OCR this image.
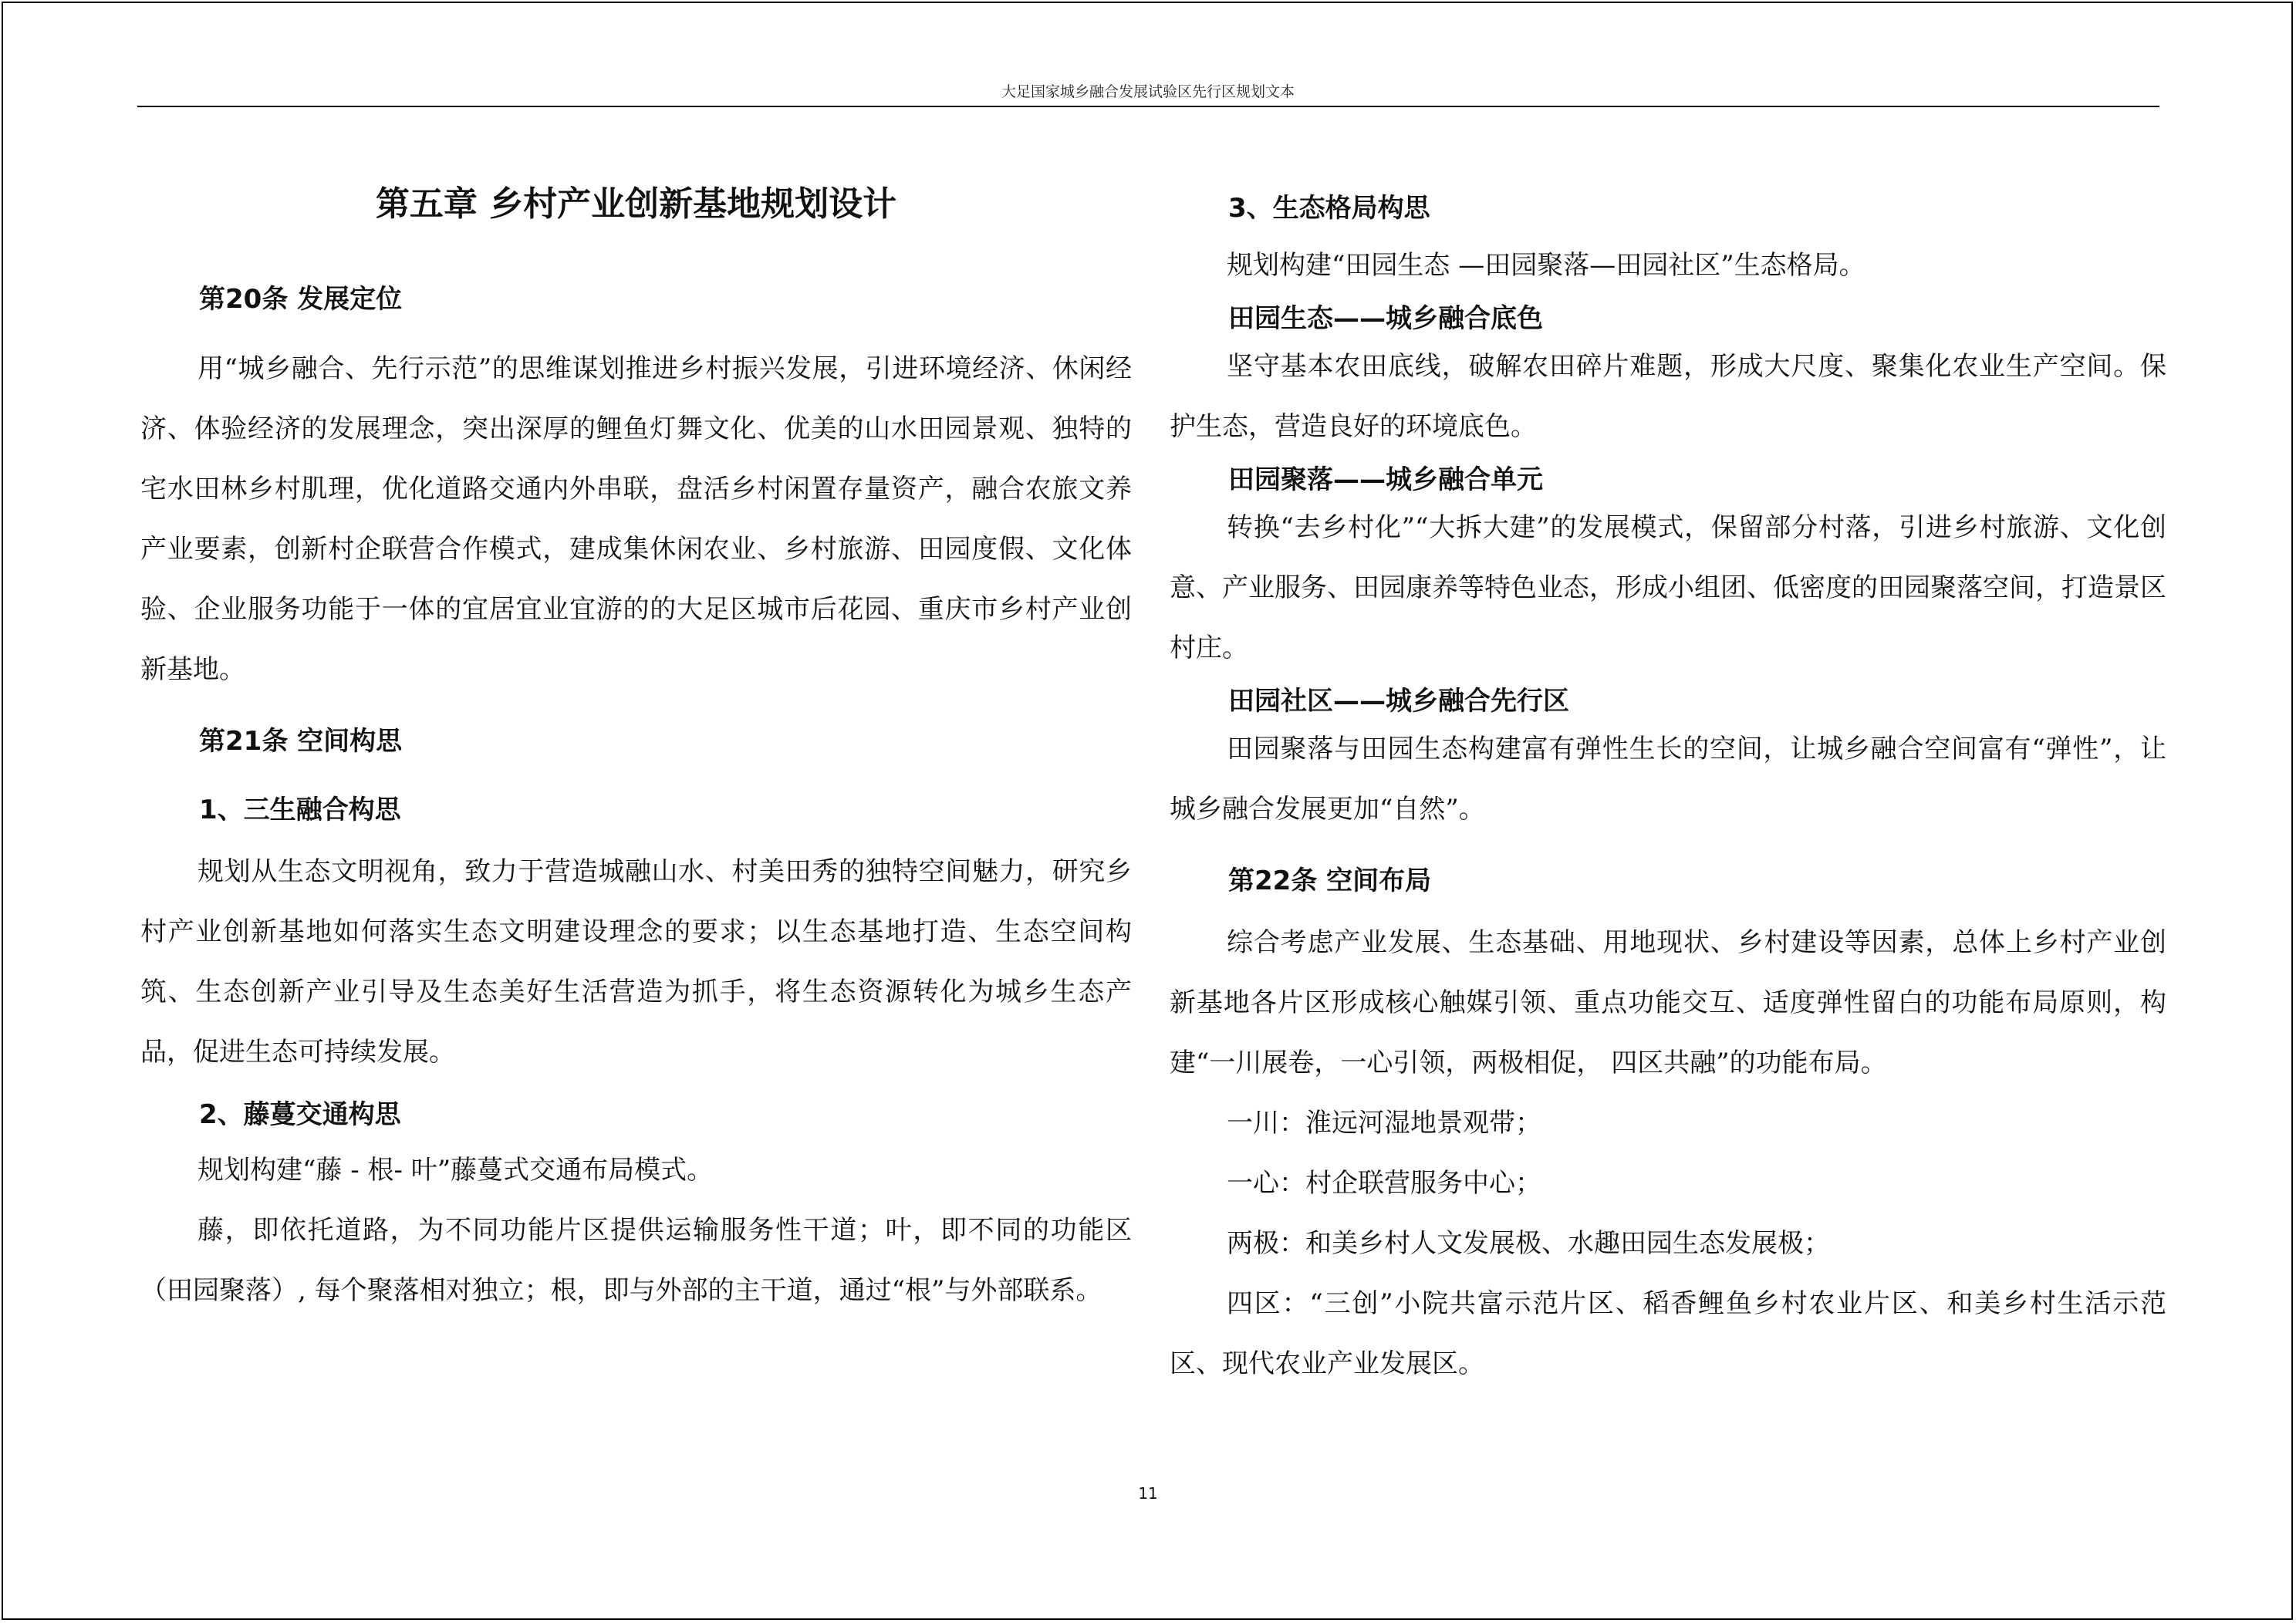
大足国家城乡融合发展试验区先行区规划文本
第五章 乡村产业创新基地规划设计
第20条 发展定位

用“城乡融合、先行示范”的思维谋划推进乡村振兴发展，引进环境经济、休闲经济、体验经济的发展理念，突出深厚的鲤鱼灯舞文化、优美的山水田园景观、独特的宅水田林乡村肌理，优化道路交通内外串联，盘活乡村闲置存量资产，融合农旅文养产业要素，创新村企联营合作模式，建成集休闲农业、乡村旅游、田园度假、文化体验、企业服务功能于一体的宜居宜业宜游的的大足区城市后花园、重庆市乡村产业创新基地。

第21条 空间构思
1、三生融合构思

规划从生态文明视角，致力于营造城融山水、村美田秀的独特空间魅力，研究乡村产业创新基地如何落实生态文明建设理念的要求；以生态基地打造、生态空间构筑、生态创新产业引导及生态美好生活营造为抓手，将生态资源转化为城乡生态产品，促进生态可持续发展。

2、藤蔓交通构思

规划构建“藤 - 根- 叶”藤蔓式交通布局模式。

藤，即依托道路，为不同功能片区提供运输服务性干道；叶，即不同的功能区（田园聚落）, 每个聚落相对独立；根，即与外部的主干道，通过“根”与外部联系。

3、生态格局构思

规划构建“田园生态 —田园聚落—田园社区”生态格局。

田园生态——城乡融合底色

坚守基本农田底线，破解农田碎片难题，形成大尺度、聚集化农业生产空间。保护生态，营造良好的环境底色。

田园聚落——城乡融合单元

转换“去乡村化”“大拆大建”的发展模式，保留部分村落，引进乡村旅游、文化创意、产业服务、田园康养等特色业态，形成小组团、低密度的田园聚落空间，打造景区村庄。

田园社区——城乡融合先行区

田园聚落与田园生态构建富有弹性生长的空间，让城乡融合空间富有“弹性”，让城乡融合发展更加“自然”。

第22条 空间布局

综合考虑产业发展、生态基础、用地现状、乡村建设等因素，总体上乡村产业创新基地各片区形成核心触媒引领、重点功能交互、适度弹性留白的功能布局原则，构建“一川展卷，一心引领，两极相促， 四区共融”的功能布局。

一川：淮远河湿地景观带；

一心：村企联营服务中心；

两极：和美乡村人文发展极、水趣田园生态发展极；

四区：“三创”小院共富示范片区、稻香鲤鱼乡村农业片区、和美乡村生活示范区、现代农业产业发展区。

11
